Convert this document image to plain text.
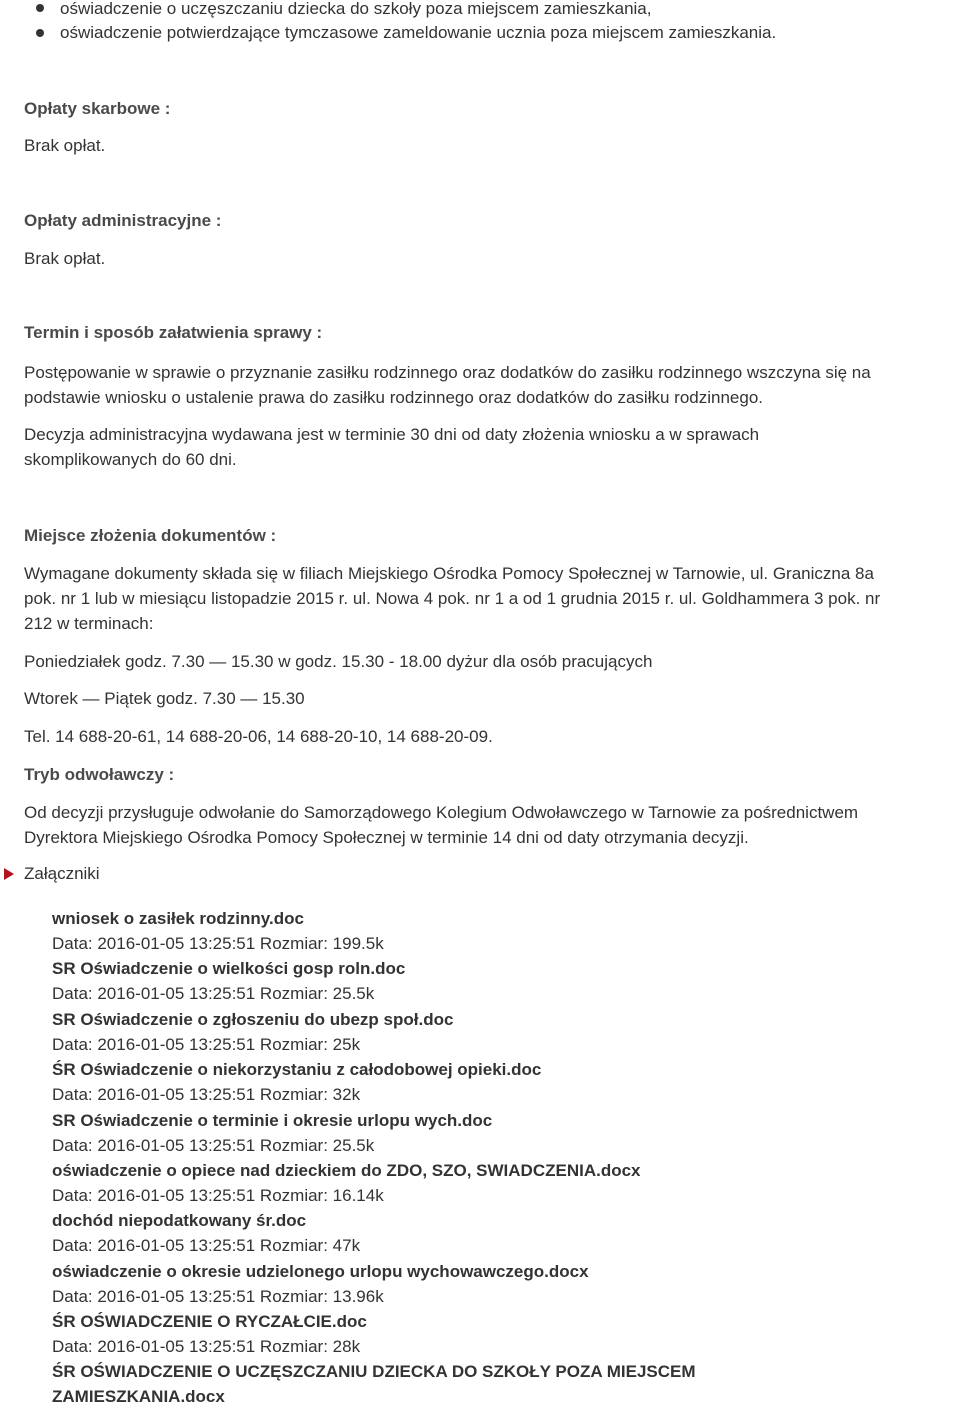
oświadczenie o uczęszczaniu dziecka do szkoły poza miejscem zamieszkania,
oświadczenie potwierdzające tymczasowe zameldowanie ucznia poza miejscem zamieszkania.
Opłaty skarbowe :
Brak opłat.
Opłaty administracyjne :
Brak opłat.
Termin i sposób załatwienia sprawy :
Postępowanie w sprawie o przyznanie zasiłku rodzinnego oraz dodatków do zasiłku rodzinnego wszczyna się na
podstawie wniosku o ustalenie prawa do zasiłku rodzinnego oraz dodatków do zasiłku rodzinnego.
Decyzja administracyjna wydawana jest w terminie 30 dni od daty złożenia wniosku a w sprawach
skomplikowanych do 60 dni.
Miejsce złożenia dokumentów :
Wymagane dokumenty składa się w filiach Miejskiego Ośrodka Pomocy Społecznej w Tarnowie, ul. Graniczna 8a
pok. nr 1 lub w miesiącu listopadzie 2015 r. ul. Nowa 4 pok. nr 1 a od 1 grudnia 2015 r. ul. Goldhammera 3 pok. nr
212 w terminach:
Poniedziałek godz. 7.30 — 15.30 w godz. 15.30 - 18.00 dyżur dla osób pracujących
Wtorek — Piątek godz. 7.30 — 15.30
Tel. 14 688-20-61, 14 688-20-06, 14 688-20-10, 14 688-20-09.
Tryb odwoławczy :
Od decyzji przysługuje odwołanie do Samorządowego Kolegium Odwoławczego w Tarnowie za pośrednictwem
Dyrektora Miejskiego Ośrodka Pomocy Społecznej w terminie 14 dni od daty otrzymania decyzji.
Załączniki
wniosek o zasiłek rodzinny.doc
Data: 2016-01-05 13:25:51 Rozmiar: 199.5k
SR Oświadczenie o wielkości gosp roln.doc
Data: 2016-01-05 13:25:51 Rozmiar: 25.5k
SR Oświadczenie o zgłoszeniu do ubezp społ.doc
Data: 2016-01-05 13:25:51 Rozmiar: 25k
ŚR Oświadczenie o niekorzystaniu z całodobowej opieki.doc
Data: 2016-01-05 13:25:51 Rozmiar: 32k
SR Oświadczenie o terminie i okresie urlopu wych.doc
Data: 2016-01-05 13:25:51 Rozmiar: 25.5k
oświadczenie o opiece nad dzieckiem do ZDO, SZO, SWIADCZENIA.docx
Data: 2016-01-05 13:25:51 Rozmiar: 16.14k
dochód niepodatkowany śr.doc
Data: 2016-01-05 13:25:51 Rozmiar: 47k
oświadczenie o okresie udzielonego urlopu wychowawczego.docx
Data: 2016-01-05 13:25:51 Rozmiar: 13.96k
ŚR OŚWIADCZENIE O RYCZAŁCIE.doc
Data: 2016-01-05 13:25:51 Rozmiar: 28k
ŚR OŚWIADCZENIE O UCZĘSZCZANIU DZIECKA DO SZKOŁY POZA MIEJSCEM
ZAMIESZKANIA.docx
